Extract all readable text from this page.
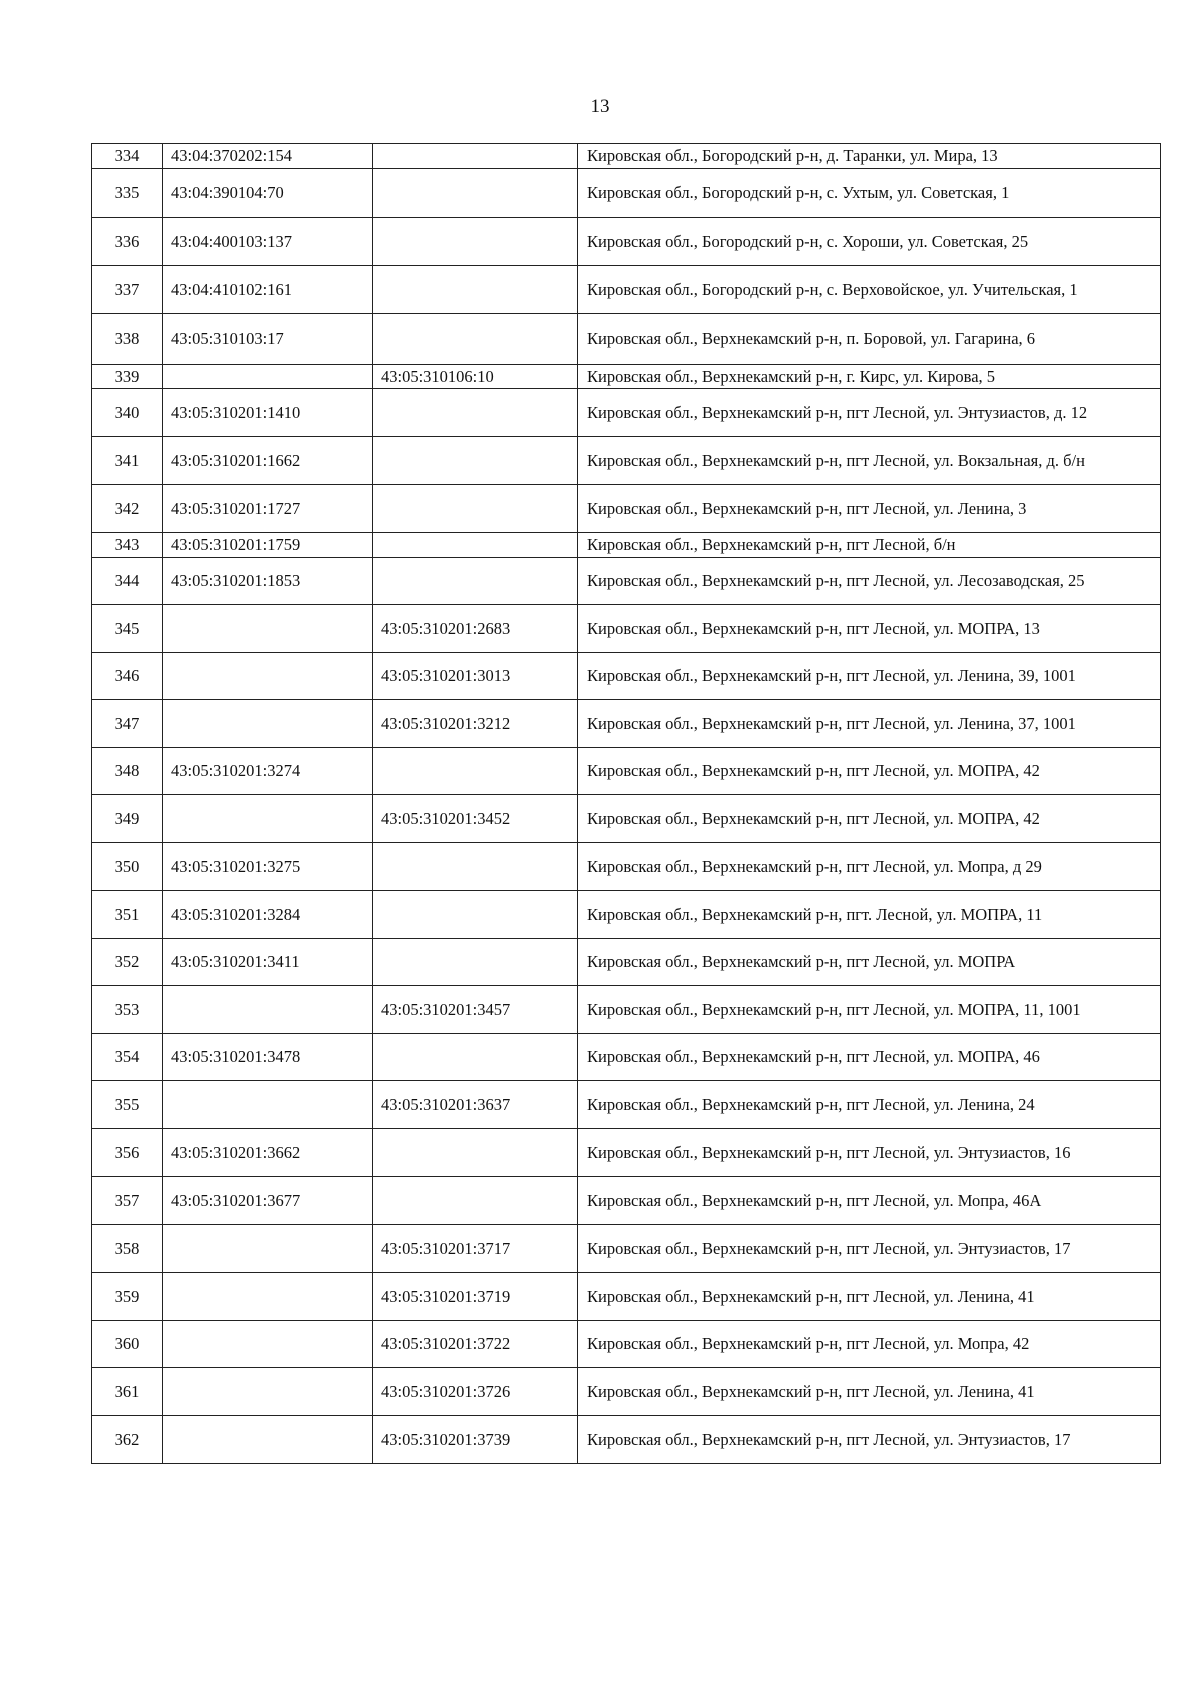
13
334	43:04:370202:154		Кировская обл., Богородский р-н, д. Таранки, ул. Мира, 13
335	43:04:390104:70		Кировская обл., Богородский р-н, с. Ухтым, ул. Советская, 1
336	43:04:400103:137		Кировская обл., Богородский р-н, с. Хороши, ул. Советская, 25
337	43:04:410102:161		Кировская обл., Богородский р-н, с. Верховойское, ул. Учительская, 1
338	43:05:310103:17		Кировская обл., Верхнекамский р-н, п. Боровой, ул. Гагарина, 6
339		43:05:310106:10	Кировская обл., Верхнекамский р-н, г. Кирс, ул. Кирова, 5
340	43:05:310201:1410		Кировская обл., Верхнекамский р-н, пгт Лесной, ул. Энтузиастов, д. 12
341	43:05:310201:1662		Кировская обл., Верхнекамский р-н, пгт Лесной, ул. Вокзальная, д. б/н
342	43:05:310201:1727		Кировская обл., Верхнекамский р-н, пгт Лесной, ул. Ленина, 3
343	43:05:310201:1759		Кировская обл., Верхнекамский р-н, пгт Лесной, б/н
344	43:05:310201:1853		Кировская обл., Верхнекамский р-н, пгт Лесной, ул. Лесозаводская, 25
345		43:05:310201:2683	Кировская обл., Верхнекамский р-н, пгт Лесной, ул. МОПРА, 13
346		43:05:310201:3013	Кировская обл., Верхнекамский р-н, пгт Лесной, ул. Ленина, 39, 1001
347		43:05:310201:3212	Кировская обл., Верхнекамский р-н, пгт Лесной, ул. Ленина, 37, 1001
348	43:05:310201:3274		Кировская обл., Верхнекамский р-н, пгт Лесной, ул. МОПРА, 42
349		43:05:310201:3452	Кировская обл., Верхнекамский р-н, пгт Лесной, ул. МОПРА, 42
350	43:05:310201:3275		Кировская обл., Верхнекамский р-н, пгт Лесной, ул. Мопра, д 29
351	43:05:310201:3284		Кировская обл., Верхнекамский р-н, пгт. Лесной, ул. МОПРА, 11
352	43:05:310201:3411		Кировская обл., Верхнекамский р-н, пгт Лесной, ул. МОПРА
353		43:05:310201:3457	Кировская обл., Верхнекамский р-н, пгт Лесной, ул. МОПРА, 11, 1001
354	43:05:310201:3478		Кировская обл., Верхнекамский р-н, пгт Лесной, ул. МОПРА, 46
355		43:05:310201:3637	Кировская обл., Верхнекамский р-н, пгт Лесной, ул. Ленина, 24
356	43:05:310201:3662		Кировская обл., Верхнекамский р-н, пгт Лесной, ул. Энтузиастов, 16
357	43:05:310201:3677		Кировская обл., Верхнекамский р-н, пгт Лесной, ул. Мопра, 46А
358		43:05:310201:3717	Кировская обл., Верхнекамский р-н, пгт Лесной, ул. Энтузиастов, 17
359		43:05:310201:3719	Кировская обл., Верхнекамский р-н, пгт Лесной, ул. Ленина, 41
360		43:05:310201:3722	Кировская обл., Верхнекамский р-н, пгт Лесной, ул. Мопра, 42
361		43:05:310201:3726	Кировская обл., Верхнекамский р-н, пгт Лесной, ул. Ленина, 41
362		43:05:310201:3739	Кировская обл., Верхнекамский р-н, пгт Лесной, ул. Энтузиастов, 17
